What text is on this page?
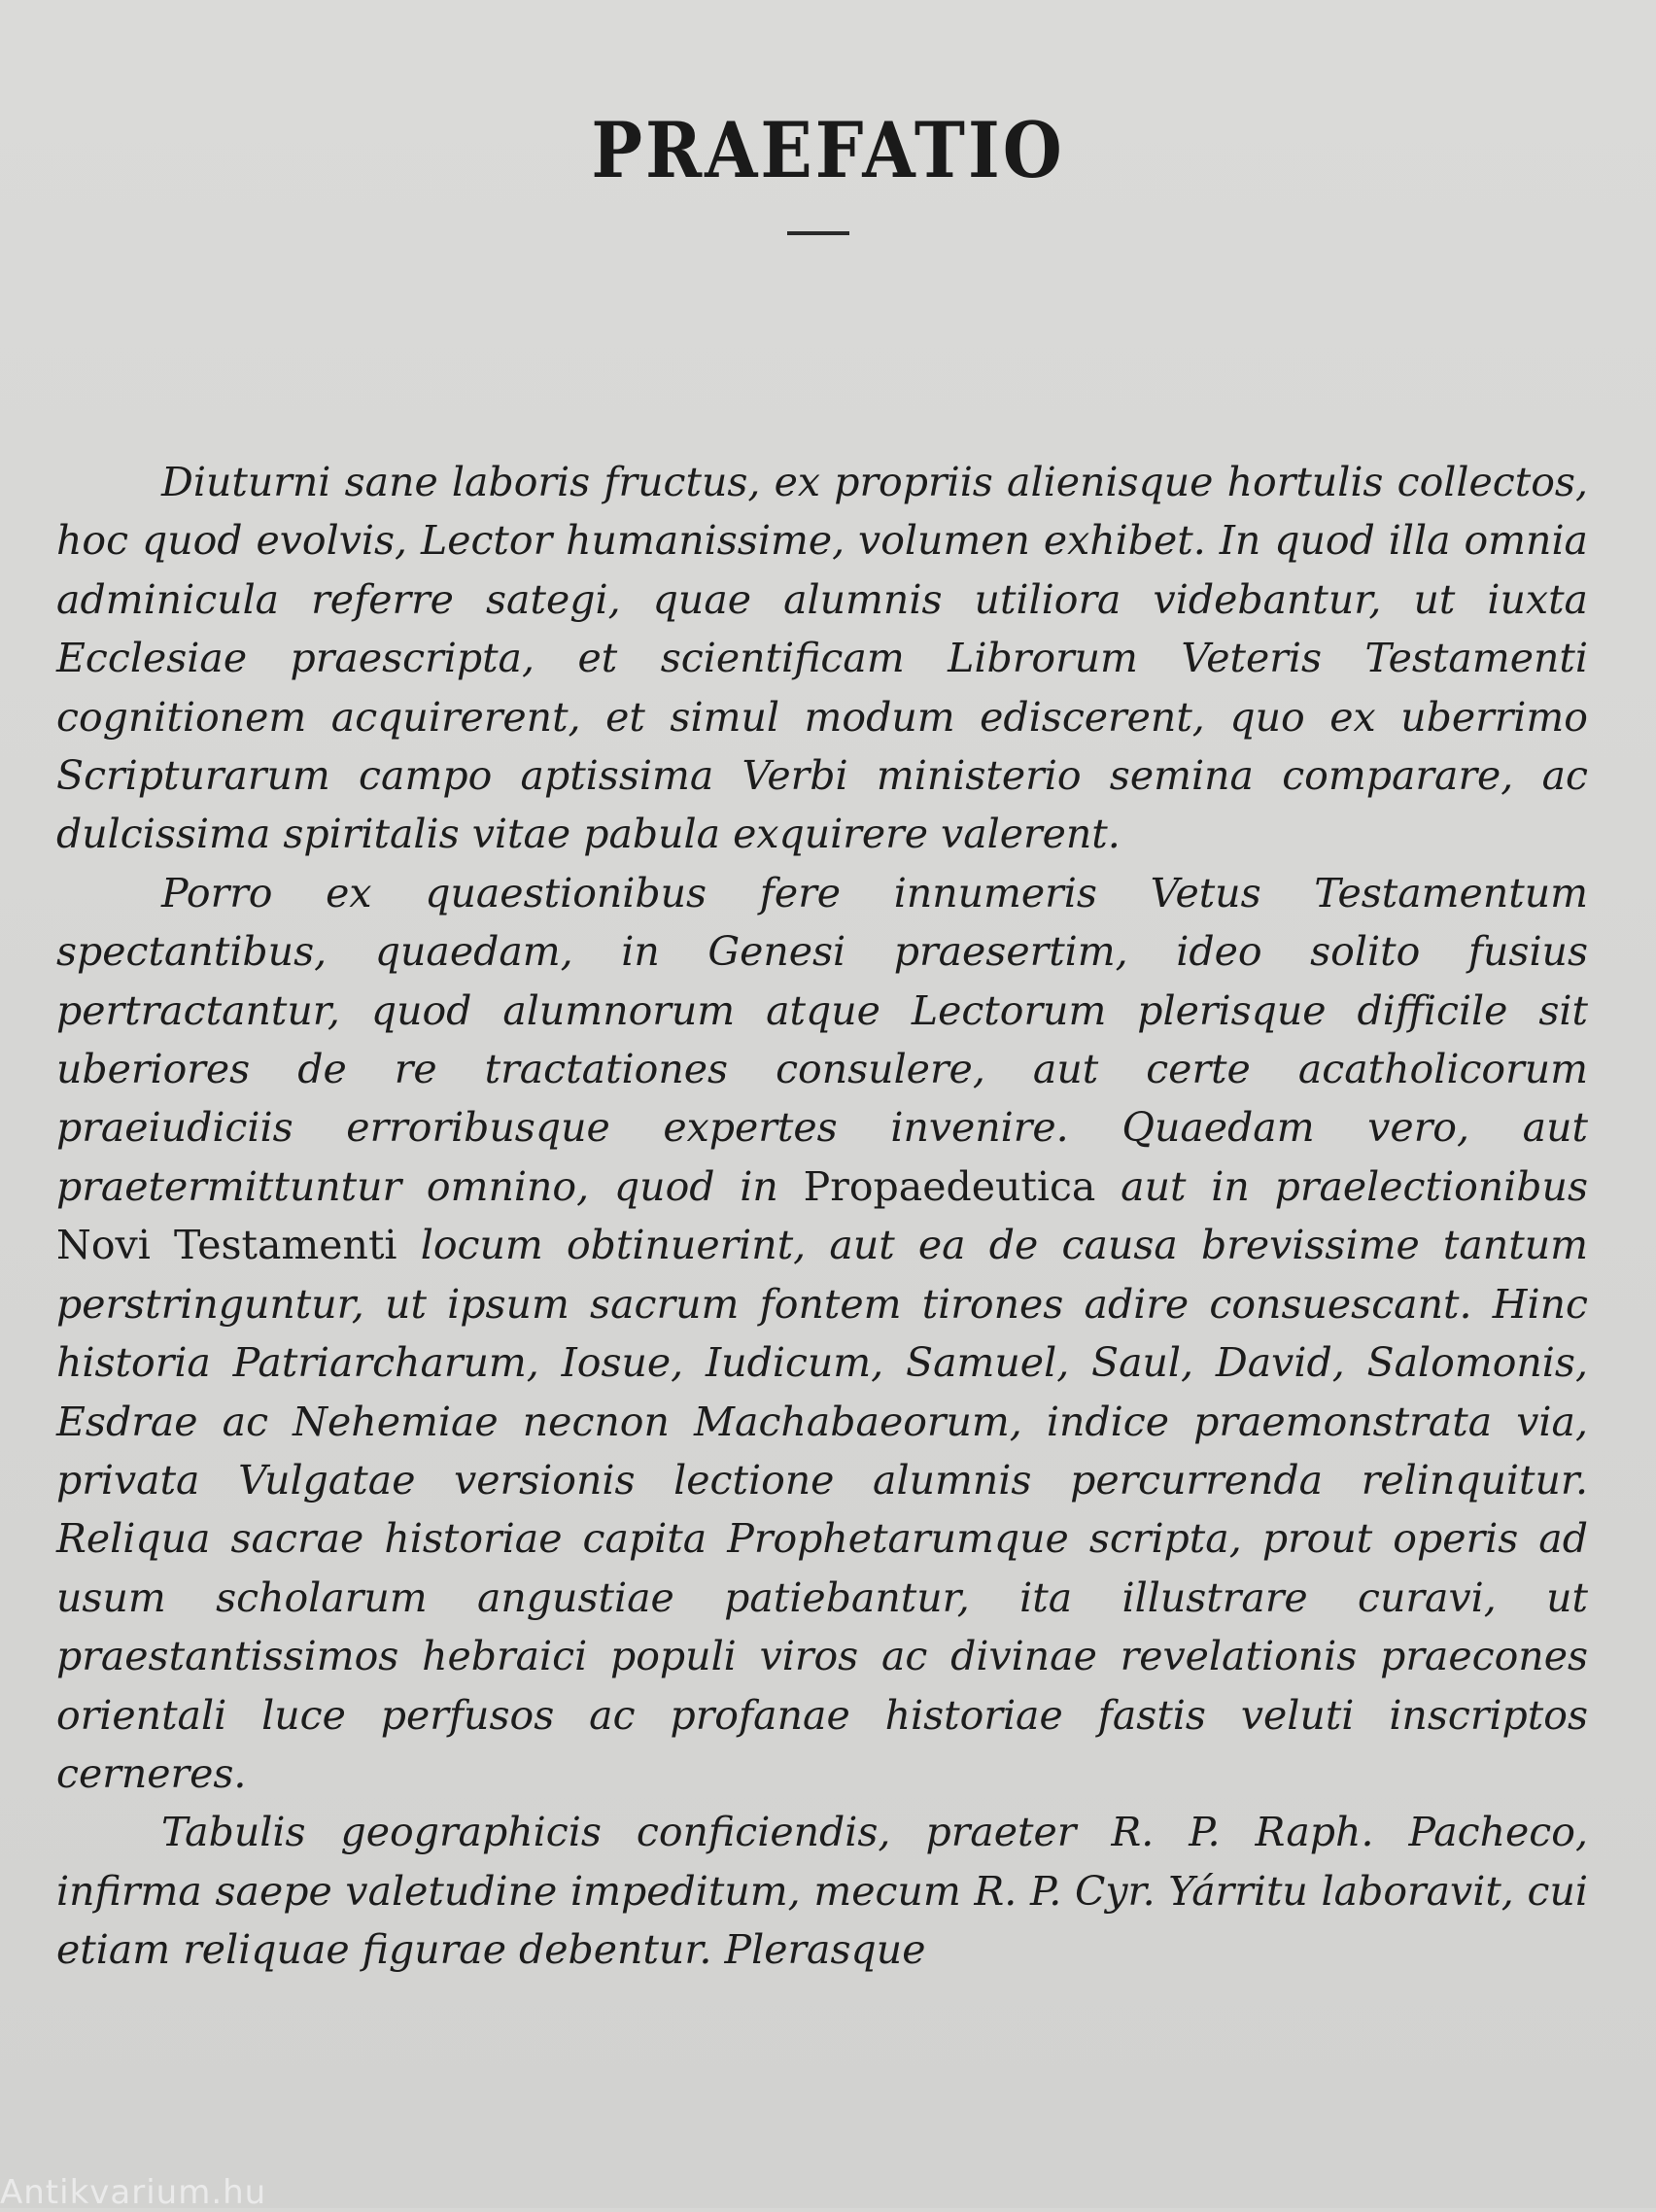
PRAEFATIO

Diuturni sane laboris fructus, ex propriis alienisque hortulis collectos, hoc quod evolvis, Lector humanissime, volumen exhibet. In quod illa omnia adminicula referre sategi, quae alumnis utiliora videbantur, ut iuxta Ecclesiae praescripta, et scientificam Librorum Veteris Testamenti cognitionem acquirerent, et simul modum ediscerent, quo ex uberrimo Scripturarum campo aptissima Verbi ministerio semina comparare, ac dulcissima spiritalis vitae pabula exquirere valerent.

Porro ex quaestionibus fere innumeris Vetus Testamentum spectantibus, quaedam, in Genesi praesertim, ideo solito fusius pertractantur, quod alumnorum atque Lectorum plerisque difficile sit uberiores de re tractationes consulere, aut certe acatholicorum praeiudiciis erroribusque expertes invenire. Quaedam vero, aut praetermittuntur omnino, quod in Propaedeutica aut in praelectionibus Novi Testamenti locum obtinuerint, aut ea de causa brevissime tantum perstringuntur, ut ipsum sacrum fontem tirones adire consuescant. Hinc historia Patriarcharum, Iosue, Iudicum, Samuel, Saul, David, Salomonis, Esdrae ac Nehemiae necnon Machabaeorum, indice praemonstrata via, privata Vulgatae versionis lectione alumnis percurrenda relinquitur. Reliqua sacrae historiae capita Prophetarumque scripta, prout operis ad usum scholarum angustiae patiebantur, ita illustrare curavi, ut praestantissimos hebraici populi viros ac divinae revelationis praecones orientali luce perfusos ac profanae historiae fastis veluti inscriptos cerneres.

Tabulis geographicis conficiendis, praeter R. P. Raph. Pacheco, infirma saepe valetudine impeditum, mecum R. P. Cyr. Yárritu laboravit, cui etiam reliquae figurae debentur. Plerasque

Antikvarium.hu
